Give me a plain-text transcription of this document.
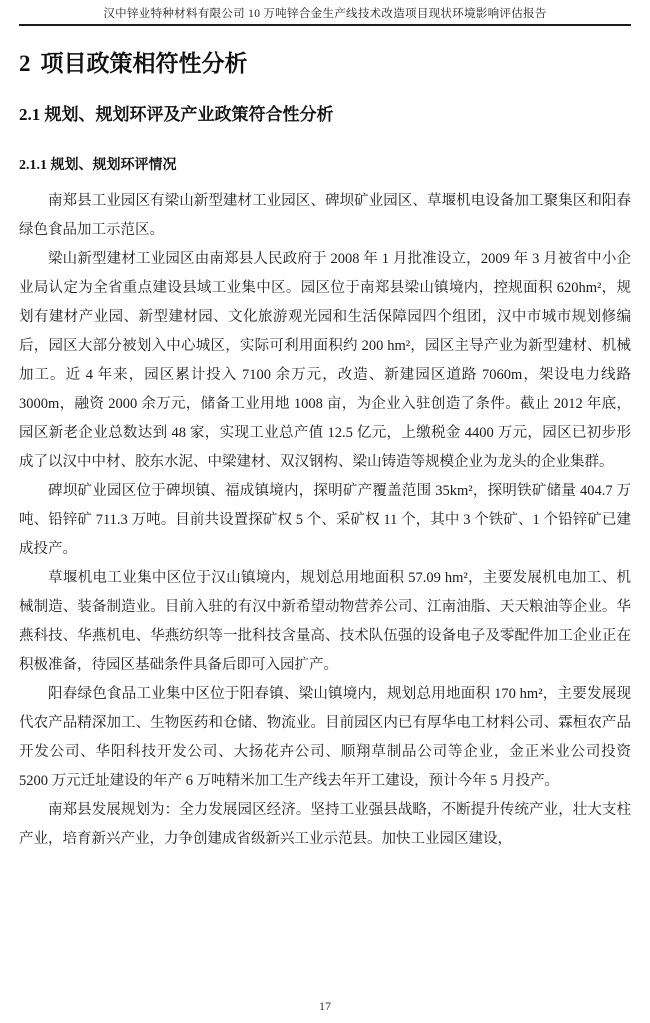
汉中锌业特种材料有限公司 10 万吨锌合金生产线技术改造项目现状环境影响评估报告
2 项目政策相符性分析
2.1 规划、规划环评及产业政策符合性分析
2.1.1 规划、规划环评情况

南郑县工业园区有梁山新型建材工业园区、碑坝矿业园区、草堰机电设备加工聚集区和阳春绿色食品加工示范区。

梁山新型建材工业园区由南郑县人民政府于 2008 年 1 月批准设立，2009 年 3 月被省中小企业局认定为全省重点建设县域工业集中区。园区位于南郑县梁山镇境内，控规面积 620hm²，规划有建材产业园、新型建材园、文化旅游观光园和生活保障园四个组团，汉中市城市规划修编后，园区大部分被划入中心城区，实际可利用面积约 200 hm²，园区主导产业为新型建材、机械加工。近 4 年来，园区累计投入 7100 余万元，改造、新建园区道路 7060m，架设电力线路 3000m，融资 2000 余万元，储备工业用地 1008 亩，为企业入驻创造了条件。截止 2012 年底，园区新老企业总数达到 48 家，实现工业总产值 12.5 亿元，上缴税金 4400 万元，园区已初步形成了以汉中中材、胶东水泥、中梁建材、双汉钢构、梁山铸造等规模企业为龙头的企业集群。

碑坝矿业园区位于碑坝镇、福成镇境内，探明矿产覆盖范围 35km²，探明铁矿储量 404.7 万吨、铅锌矿 711.3 万吨。目前共设置探矿权 5 个、采矿权 11 个，其中 3 个铁矿、1 个铅锌矿已建成投产。

草堰机电工业集中区位于汉山镇境内，规划总用地面积 57.09 hm²，主要发展机电加工、机械制造、装备制造业。目前入驻的有汉中新希望动物营养公司、江南油脂、天天粮油等企业。华燕科技、华燕机电、华燕纺织等一批科技含量高、技术队伍强的设备电子及零配件加工企业正在积极准备，待园区基础条件具备后即可入园扩产。

阳春绿色食品工业集中区位于阳春镇、梁山镇境内，规划总用地面积 170 hm²，主要发展现代农产品精深加工、生物医药和仓储、物流业。目前园区内已有厚华电工材料公司、霖桓农产品开发公司、华阳科技开发公司、大扬花卉公司、顺翔草制品公司等企业，金正米业公司投资 5200 万元迁址建设的年产 6 万吨精米加工生产线去年开工建设，预计今年 5 月投产。

南郑县发展规划为：全力发展园区经济。坚持工业强县战略，不断提升传统产业，壮大支柱产业，培育新兴产业，力争创建成省级新兴工业示范县。加快工业园区建设，

17
